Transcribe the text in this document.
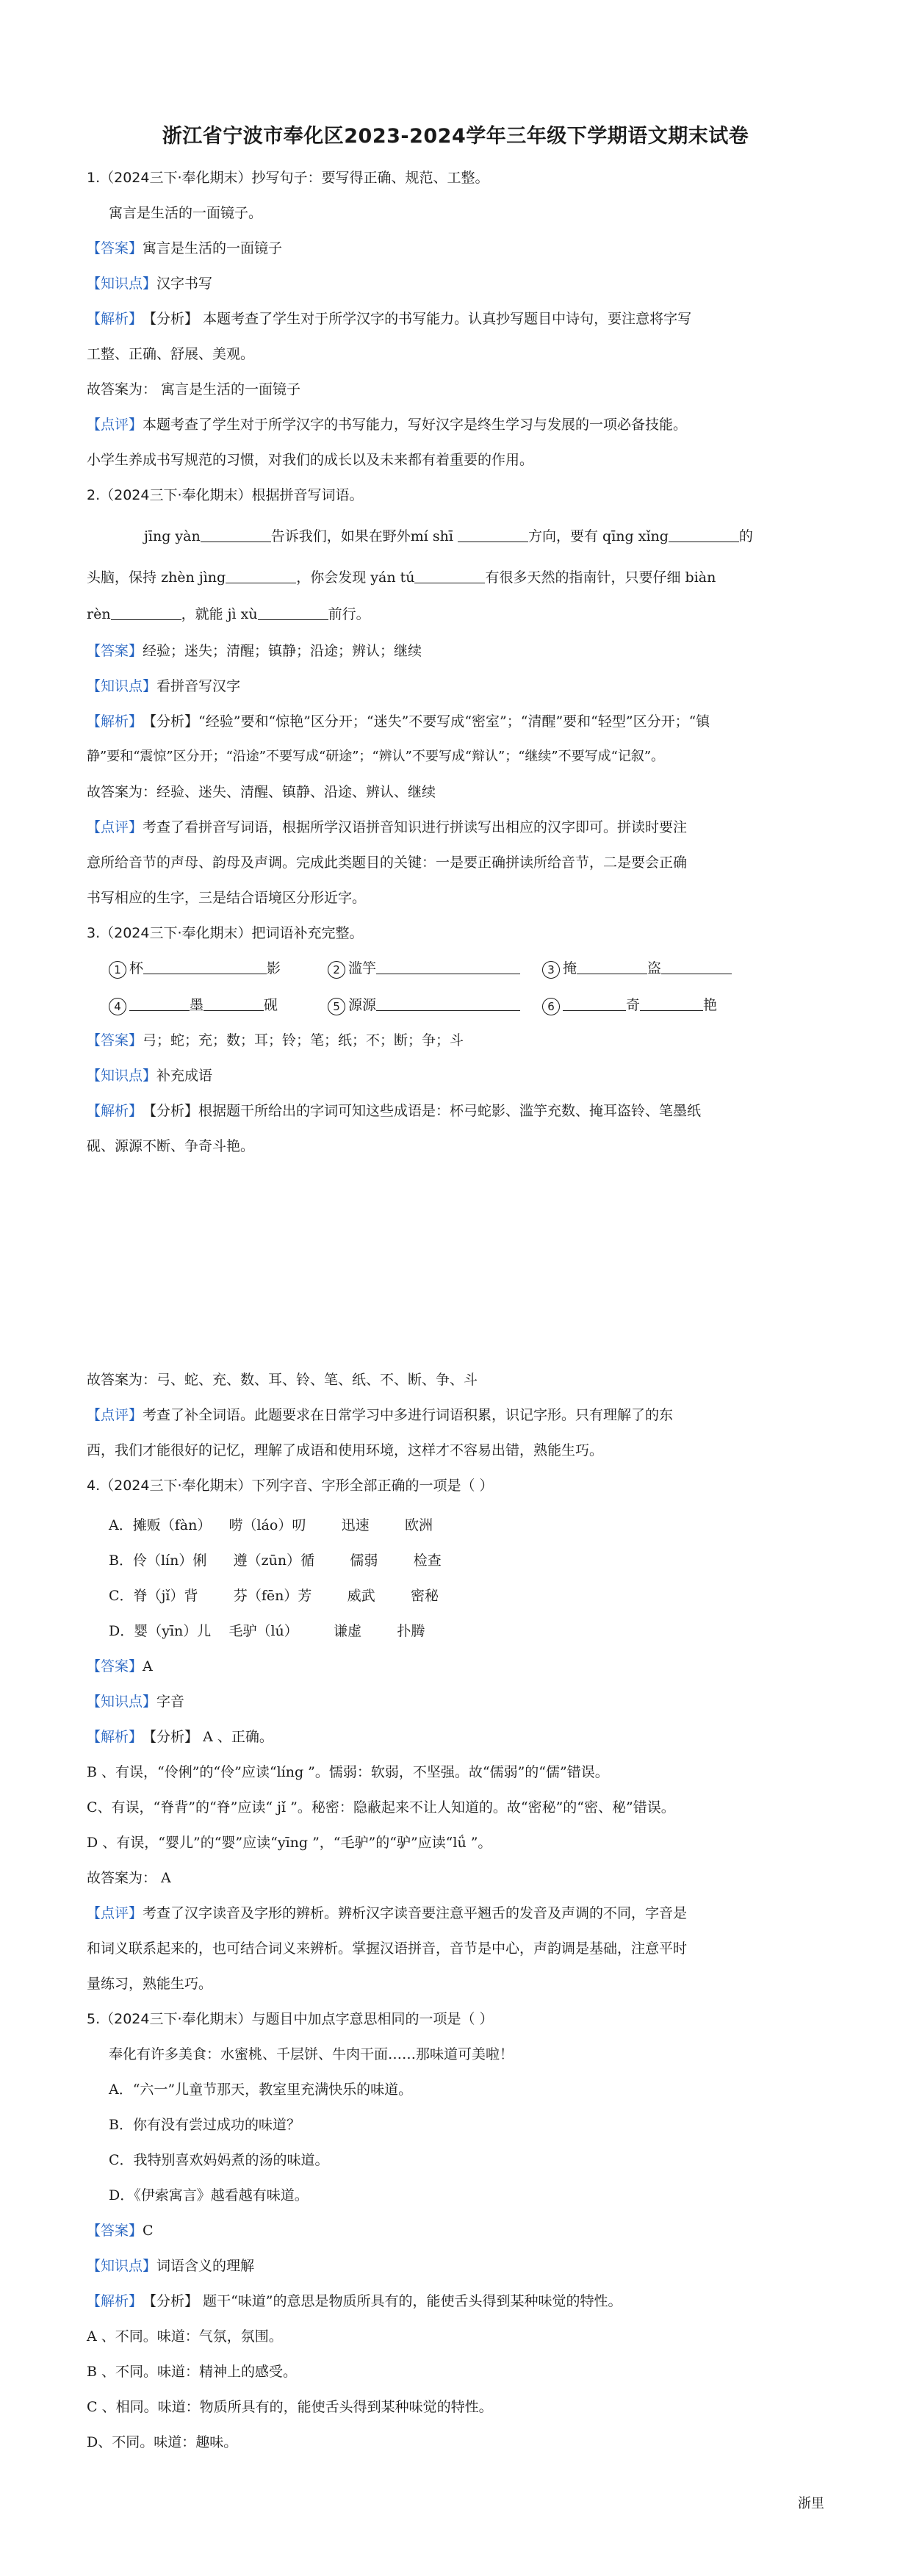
浙江省宁波市奉化区2023-2024学年三年级下学期语文期末试卷
1.（2024三下·奉化期末）抄写句子：要写得正确、规范、工整。
寓言是生活的一面镜子。
【答案】寓言是生活的一面镜子
【知识点】汉字书写
【解析】【分析】 本题考查了学生对于所学汉字的书写能力。认真抄写题目中诗句，要注意将字写
工整、正确、舒展、美观。
故答案为： 寓言是生活的一面镜子
【点评】本题考查了学生对于所学汉字的书写能力，写好汉字是终生学习与发展的一项必备技能。
小学生养成书写规范的习惯，对我们的成长以及未来都有着重要的作用。
2.（2024三下·奉化期末）根据拼音写词语。
jīng yàn	告诉我们，如果在野外mí shī	方向，要有 qīng xǐng	的
头脑，保持 zhèn jìng	，你会发现 yán tú	有很多天然的指南针，只要仔细 biàn
rèn	，就能 jì xù	前行。
【答案】经验；迷失；清醒；镇静；沿途；辨认；继续
【知识点】看拼音写汉字
【解析】【分析】“经验”要和“惊艳”区分开；“迷失”不要写成“密室”；“清醒”要和“轻型”区分开；“镇
静”要和“震惊”区分开；“沿途”不要写成“研途”；“辨认”不要写成“辩认”；“继续”不要写成“记叙”。
故答案为：经验、迷失、清醒、镇静、沿途、辨认、继续
【点评】考查了看拼音写词语，根据所学汉语拼音知识进行拼读写出相应的汉字即可。拼读时要注
意所给音节的声母、韵母及声调。完成此类题目的关键：一是要正确拼读所给音节，二是要会正确
书写相应的生字，三是结合语境区分形近字。
3.（2024三下·奉化期末）把词语补充完整。
1 杯	影	2 滥竽	3 掩	盗
4	墨	砚	5 源源	6	奇	艳
【答案】弓；蛇；充；数；耳；铃；笔；纸；不；断；争；斗
【知识点】补充成语
【解析】【分析】根据题干所给出的字词可知这些成语是：杯弓蛇影、滥竽充数、掩耳盗铃、笔墨纸
砚、源源不断、争奇斗艳。
故答案为：弓、蛇、充、数、耳、铃、笔、纸、不、断、争、斗
【点评】考查了补全词语。此题要求在日常学习中多进行词语积累，识记字形。只有理解了的东
西，我们才能很好的记忆，理解了成语和使用环境，这样才不容易出错，熟能生巧。
4.（2024三下·奉化期末）下列字音、字形全部正确的一项是（ ）
A．摊贩（fàn）    唠（láo）叨        迅速        欧洲
B．伶（lín）俐      遵（zūn）循        儒弱        检查
C．脊（jǐ）背        芬（fēn）芳        威武        密秘
D．婴（yīn）儿    毛驴（lú）        谦虚        扑腾
【答案】A
【知识点】字音
【解析】【分析】 A 、正确。
B 、有误，“伶俐”的“伶”应读“líng ”。懦弱：软弱，不坚强。故“儒弱”的“儒”错误。
C、有误，“脊背”的“脊”应读“ jǐ ”。秘密：隐蔽起来不让人知道的。故“密秘”的“密、秘”错误。
D 、有误，“婴儿”的“婴”应读“yīng ”，“毛驴”的“驴”应读“lǘ ”。
故答案为： A
【点评】考查了汉字读音及字形的辨析。辨析汉字读音要注意平翘舌的发音及声调的不同，字音是
和词义联系起来的，也可结合词义来辨析。掌握汉语拼音，音节是中心，声韵调是基础，注意平时
量练习，熟能生巧。
5.（2024三下·奉化期末）与题目中加点字意思相同的一项是（ ）
奉化有许多美食：水蜜桃、千层饼、牛肉干面……那味道可美啦！
A．“六一”儿童节那天，教室里充满快乐的味道。
B．你有没有尝过成功的味道？
C．我特别喜欢妈妈煮的汤的味道。
D．《伊索寓言》越看越有味道。
【答案】C
【知识点】词语含义的理解
【解析】【分析】 题干“味道”的意思是物质所具有的，能使舌头得到某种味觉的特性。
A 、不同。味道：气氛，氛围。
B 、不同。味道：精神上的感受。
C 、相同。味道：物质所具有的，能使舌头得到某种味觉的特性。
D、不同。味道：趣味。
浙里
